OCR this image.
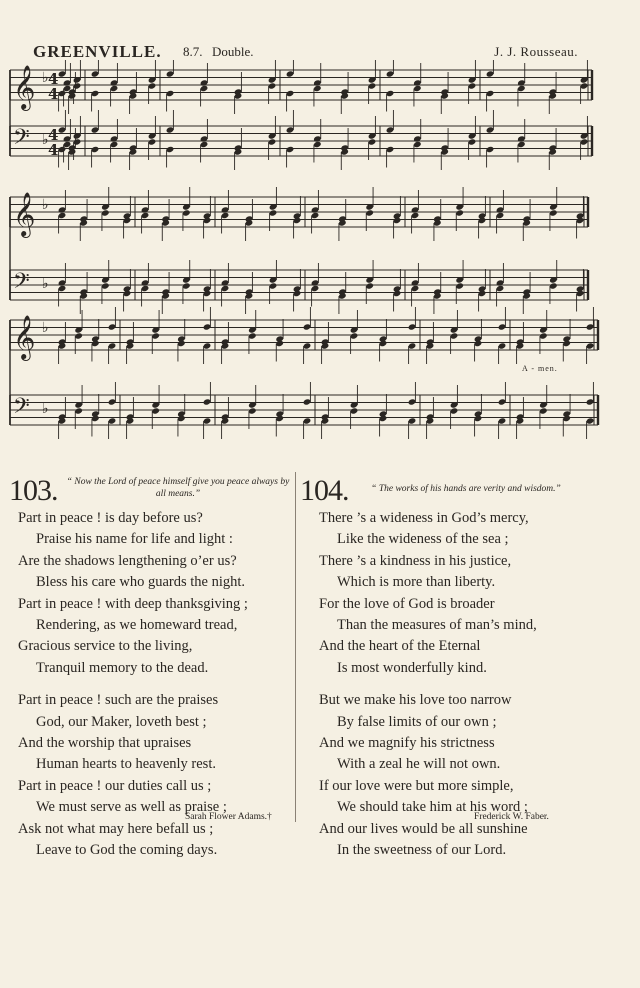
GREENVILLE. 8.7. Double.	J. J. Rousseau.
𝄞 ♭
𝄢 ♭
𝄞 ♭
𝄢 ♭
𝄞 ♭
𝄢 ♭
4
4
4
4
A - men.
103. “ Now the Lord of peace himself give you peace always by all means.”
Part in peace ! is day before us?
Praise his name for life and light :
Are the shadows lengthening o’er us?
Bless his care who guards the night.
Part in peace ! with deep thanksgiving ;
Rendering, as we homeward tread,
Gracious service to the living,
Tranquil memory to the dead.
Part in peace ! such are the praises
God, our Maker, loveth best ;
And the worship that upraises
Human hearts to heavenly rest.
Part in peace ! our duties call us ;
We must serve as well as praise ;
Ask not what may here befall us ;
Leave to God the coming days.
Sarah Flower Adams.†
104.	“ The works of his hands are verity and wisdom.”
There ’s a wideness in God’s mercy,
Like the wideness of the sea ;
There ’s a kindness in his justice,
Which is more than liberty.
For the love of God is broader
Than the measures of man’s mind,
And the heart of the Eternal
Is most wonderfully kind.
But we make his love too narrow
By false limits of our own ;
And we magnify his strictness
With a zeal he will not own.
If our love were but more simple,
We should take him at his word ;
And our lives would be all sunshine
In the sweetness of our Lord.
Frederick W. Faber.
